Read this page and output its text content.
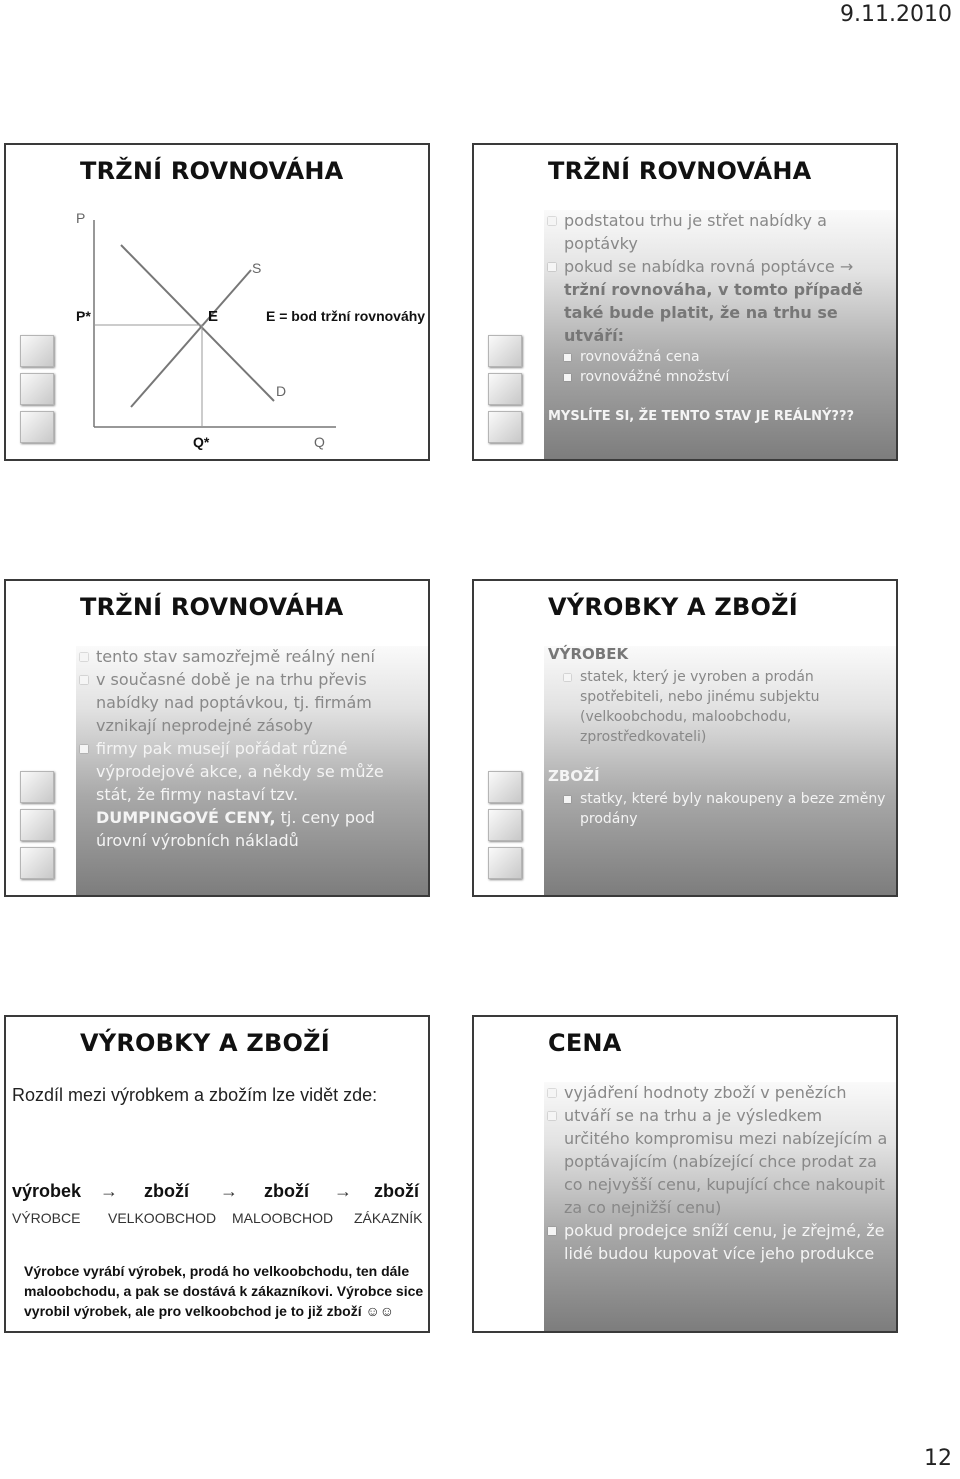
9.11.2010
TRŽNÍ ROVNOVÁHA
P
P*	E
S
D
E = bod tržní rovnováhy
Q*	Q
TRŽNÍ ROVNOVÁHA
podstatou trhu je střet nabídky a poptávky
pokud se nabídka rovná poptávce → tržní rovnováha, v tomto případě také bude platit, že na trhu se utváří:
rovnovážná cena
rovnovážné množství
MYSLÍTE SI, ŽE TENTO STAV JE REÁLNÝ???
TRŽNÍ ROVNOVÁHA
tento stav samozřejmě reálný není
v současné době je na trhu převis nabídky nad poptávkou, tj. firmám vznikají neprodejné zásoby
firmy pak musejí pořádat různé výprodejové akce, a někdy se může stát, že firmy nastaví tzv. DUMPINGOVÉ CENY, tj. ceny pod úrovní výrobních nákladů
VÝROBKY A ZBOŽÍ
VÝROBEK
statek, který je vyroben a prodán spotřebiteli, nebo jinému subjektu (velkoobchodu, maloobchodu, zprostředkovateli)
ZBOŽÍ
statky, které byly nakoupeny a beze změny prodány
VÝROBKY A ZBOŽÍ
Rozdíl mezi výrobkem a zbožím lze vidět zde:
výrobek → zboží → zboží → zboží
VÝROBCE VELKOOBCHOD MALOOBCHOD ZÁKAZNÍK
Výrobce vyrábí výrobek, prodá ho velkoobchodu, ten dále maloobchodu, a pak se dostává k zákazníkovi. Výrobce sice vyrobil výrobek, ale pro velkoobchod je to již zboží ☺☺
CENA
vyjádření hodnoty zboží v penězích
utváří se na trhu a je výsledkem určitého kompromisu mezi nabízejícím a poptávajícím (nabízející chce prodat za co nejvyšší cenu, kupující chce nakoupit za co nejnižší cenu)
pokud prodejce sníží cenu, je zřejmé, že lidé budou kupovat více jeho produkce
12
